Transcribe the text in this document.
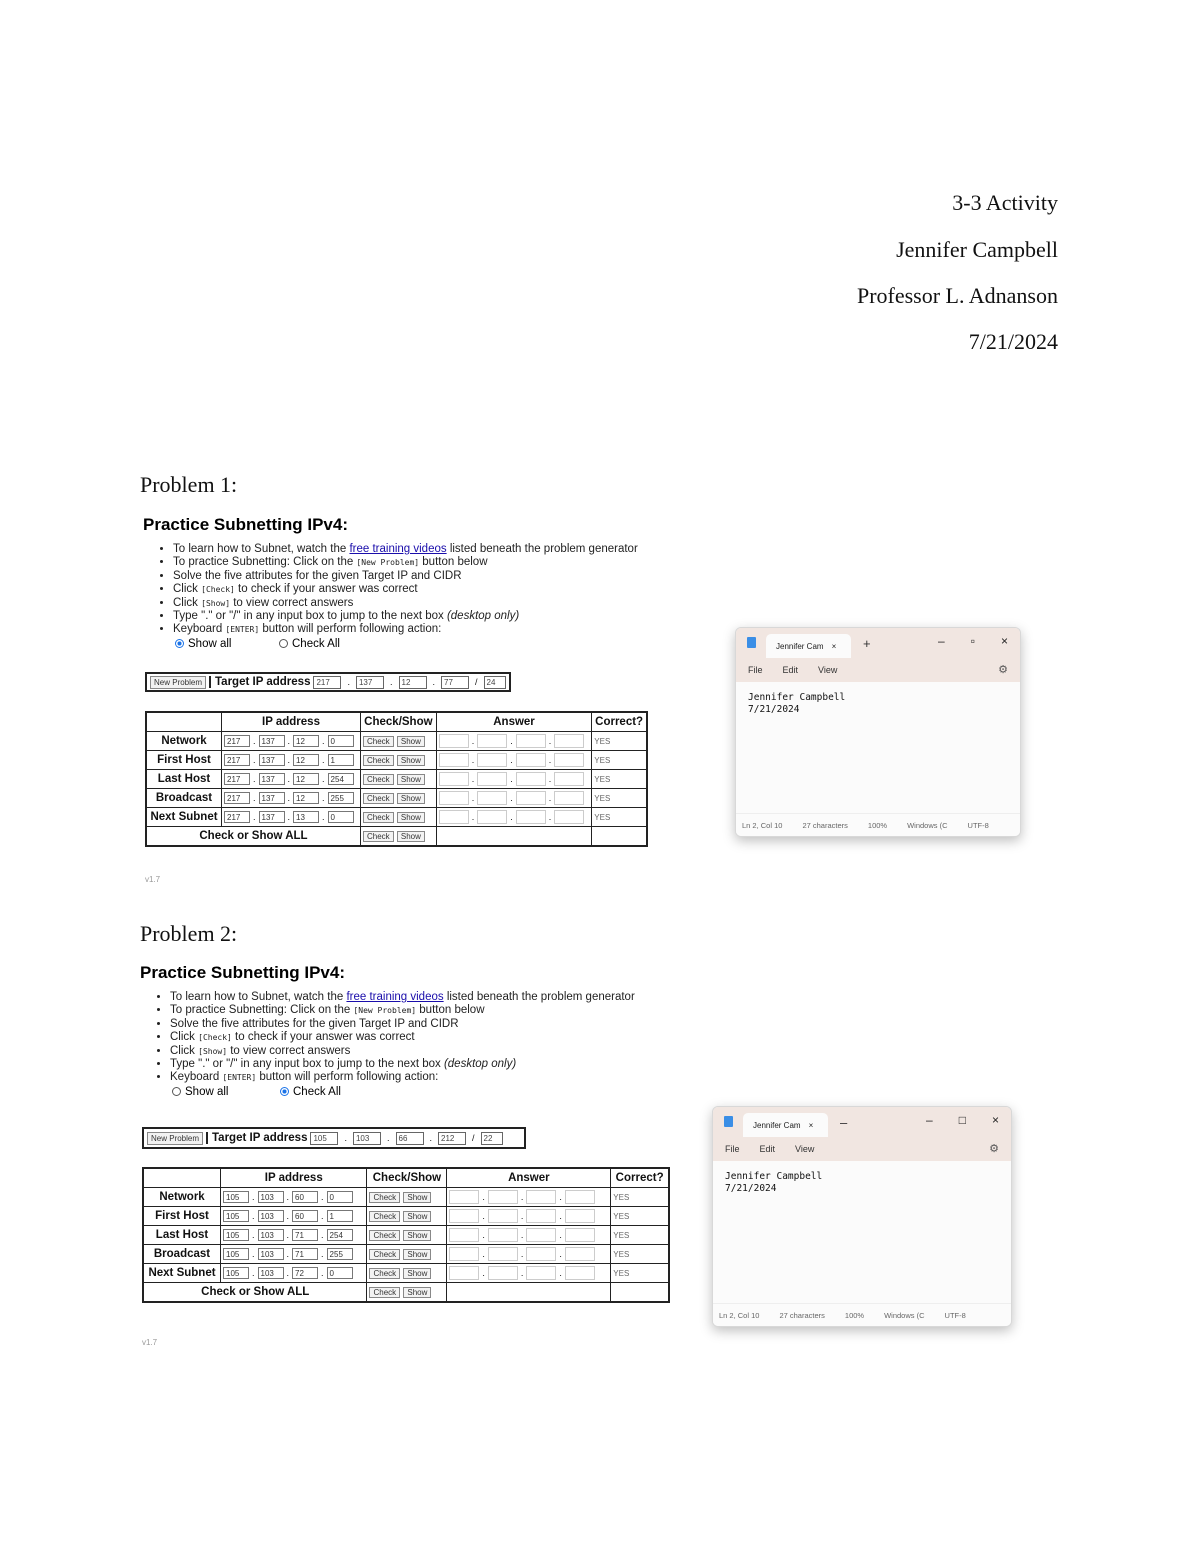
3-3 Activity
Jennifer Campbell
Professor L. Adnanson
7/21/2024
Problem 1:
Practice Subnetting IPv4:
• To learn how to Subnet, watch the free training videos listed beneath the problem generator
• To practice Subnetting: Click on the [New Problem] button below
• Solve the five attributes for the given Target IP and CIDR
• Click [Check] to check if your answer was correct
• Click [Show] to view correct answers
• Type "." or "/" in any input box to jump to the next box (desktop only)
• Keyboard [ENTER] button will perform following action:
Show all	Check All
New Problem	Target IP address 217	.	137	.	12	.	77	/	24
	IP address	Check/Show	Answer	Correct?
Network	217 . 137 . 12 . 0	Check Show	. . .	YES
First Host	217 . 137 . 12 . 1	Check Show	. . .	YES
Last Host	217 . 137 . 12 . 254	Check Show	. . .	YES
Broadcast	217 . 137 . 12 . 255	Check Show	. . .	YES
Next Subnet	217 . 137 . 13 . 0	Check Show	. . .	YES
Check or Show ALL		Check Show		
v1.7
Jennifer Cam × +	– ▫ ×
File Edit View	⚙
Jennifer Campbell
7/21/2024
Ln 2, Col 10	27 characters	100%	Windows (C	UTF-8
Problem 2:
Practice Subnetting IPv4:
• To learn how to Subnet, watch the free training videos listed beneath the problem generator
• To practice Subnetting: Click on the [New Problem] button below
• Solve the five attributes for the given Target IP and CIDR
• Click [Check] to check if your answer was correct
• Click [Show] to view correct answers
• Type "." or "/" in any input box to jump to the next box (desktop only)
• Keyboard [ENTER] button will perform following action:
Show all	Check All
New Problem	Target IP address 105	.	103	.	66	.	212	/	22
	IP address	Check/Show	Answer	Correct?
Network	105 . 103 . 60 . 0	Check Show	. . .	YES
First Host	105 . 103 . 60 . 1	Check Show	. . .	YES
Last Host	105 . 103 . 71 . 254	Check Show	. . .	YES
Broadcast	105 . 103 . 71 . 255	Check Show	. . .	YES
Next Subnet	105 . 103 . 72 . 0	Check Show	. . .	YES
Check or Show ALL		Check Show		
v1.7
Jennifer Cam × –	– □ ×
File Edit View	⚙
Jennifer Campbell
7/21/2024
Ln 2, Col 10	27 characters	100%	Windows (C	UTF-8
